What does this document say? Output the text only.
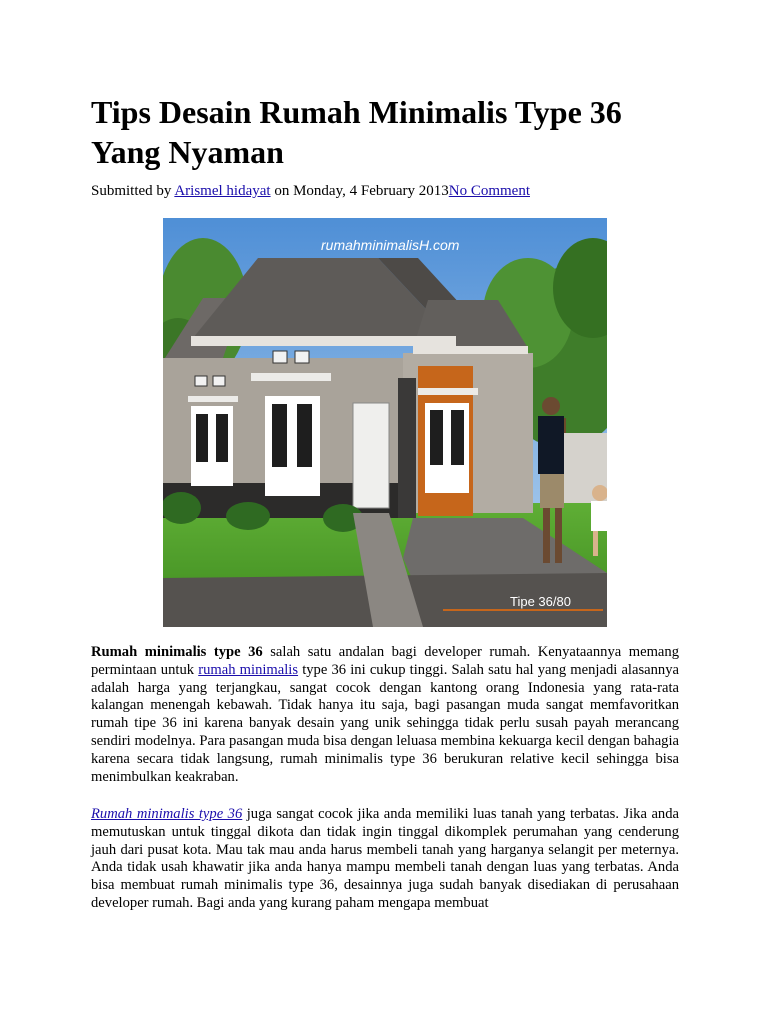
Tips Desain Rumah Minimalis Type 36 Yang Nyaman
Submitted by Arismel hidayat on Monday, 4 February 2013No Comment
Tipe 36/80
rumahminimalisH.com

Rumah minimalis type 36 salah satu andalan bagi developer rumah. Kenyataannya memang permintaan untuk rumah minimalis type 36 ini cukup tinggi. Salah satu hal yang menjadi alasannya adalah harga yang terjangkau, sangat cocok dengan kantong orang Indonesia yang rata-rata kalangan menengah kebawah. Tidak hanya itu saja, bagi pasangan muda sangat memfavoritkan rumah tipe 36 ini karena banyak desain yang unik sehingga tidak perlu susah payah merancang sendiri modelnya. Para pasangan muda bisa dengan leluasa membina kekuarga kecil dengan bahagia karena secara tidak langsung, rumah minimalis type 36 berukuran relative kecil sehingga bisa menimbulkan keakraban.

Rumah minimalis type 36 juga sangat cocok jika anda memiliki luas tanah yang terbatas. Jika anda memutuskan untuk tinggal dikota dan tidak ingin tinggal dikomplek perumahan yang cenderung jauh dari pusat kota. Mau tak mau anda harus membeli tanah yang harganya selangit per meternya. Anda tidak usah khawatir jika anda hanya mampu membeli tanah dengan luas yang terbatas. Anda bisa membuat rumah minimalis type 36, desainnya juga sudah banyak disediakan di perusahaan developer rumah. Bagi anda yang kurang paham mengapa membuat
